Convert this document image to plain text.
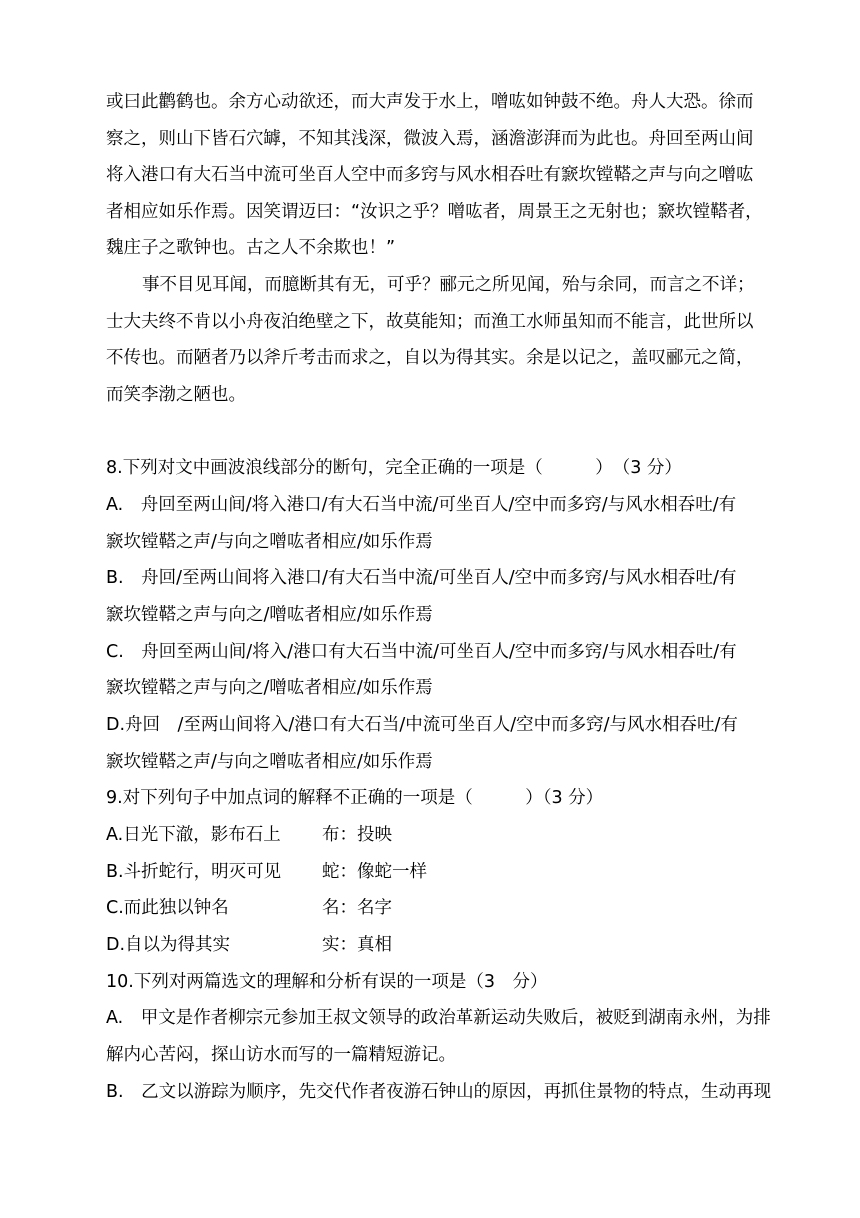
或曰此鹳鹤也。余方心动欲还，而大声发于水上，噌吰如钟鼓不绝。舟人大恐。徐而
察之，则山下皆石穴罅，不知其浅深，微波入焉，涵澹澎湃而为此也。舟回至两山间
将入港口有大石当中流可坐百人空中而多窍与风水相吞吐有窾坎镗鞳之声与向之噌吰
者相应如乐作焉。因笑谓迈曰：“汝识之乎？噌吰者，周景王之无射也；窾坎镗鞳者，
魏庄子之歌钟也。古之人不余欺也！”
事不目见耳闻，而臆断其有无，可乎？郦元之所见闻，殆与余同，而言之不详；
士大夫终不肯以小舟夜泊绝壁之下，故莫能知；而渔工水师虽知而不能言，此世所以
不传也。而陋者乃以斧斤考击而求之，自以为得其实。余是以记之，盖叹郦元之简，
而笑李渤之陋也。
8.下列对文中画波浪线部分的断句，完全正确的一项是（　　　）　（3 分）
A.　舟回至两山间/将入港口/有大石当中流/可坐百人/空中而多窍/与风水相吞吐/有
窾坎镗鞳之声/与向之噌吰者相应/如乐作焉
B.　舟回/至两山间将入港口/有大石当中流/可坐百人/空中而多窍/与风水相吞吐/有
窾坎镗鞳之声与向之/噌吰者相应/如乐作焉
C.　舟回至两山间/将入/港口有大石当中流/可坐百人/空中而多窍/与风水相吞吐/有
窾坎镗鞳之声与向之/噌吰者相应/如乐作焉
D.舟回　/至两山间将入/港口有大石当/中流可坐百人/空中而多窍/与风水相吞吐/有
窾坎镗鞳之声/与向之噌吰者相应/如乐作焉
9.对下列句子中加点词的解释不正确的一项是（　　　）（3 分）
A.日光下澈，影布石上 布：投映
B.斗折蛇行，明灭可见 蛇：像蛇一样
C.而此独以钟名	名：名字
D.自以为得其实	实：真相
10.下列对两篇选文的理解和分析有误的一项是（3　分）
A.　甲文是作者柳宗元参加王叔文领导的政治革新运动失败后，被贬到湖南永州，为排
解内心苦闷，探山访水而写的一篇精短游记。
B.　乙文以游踪为顺序，先交代作者夜游石钟山的原因，再抓住景物的特点，生动再现
